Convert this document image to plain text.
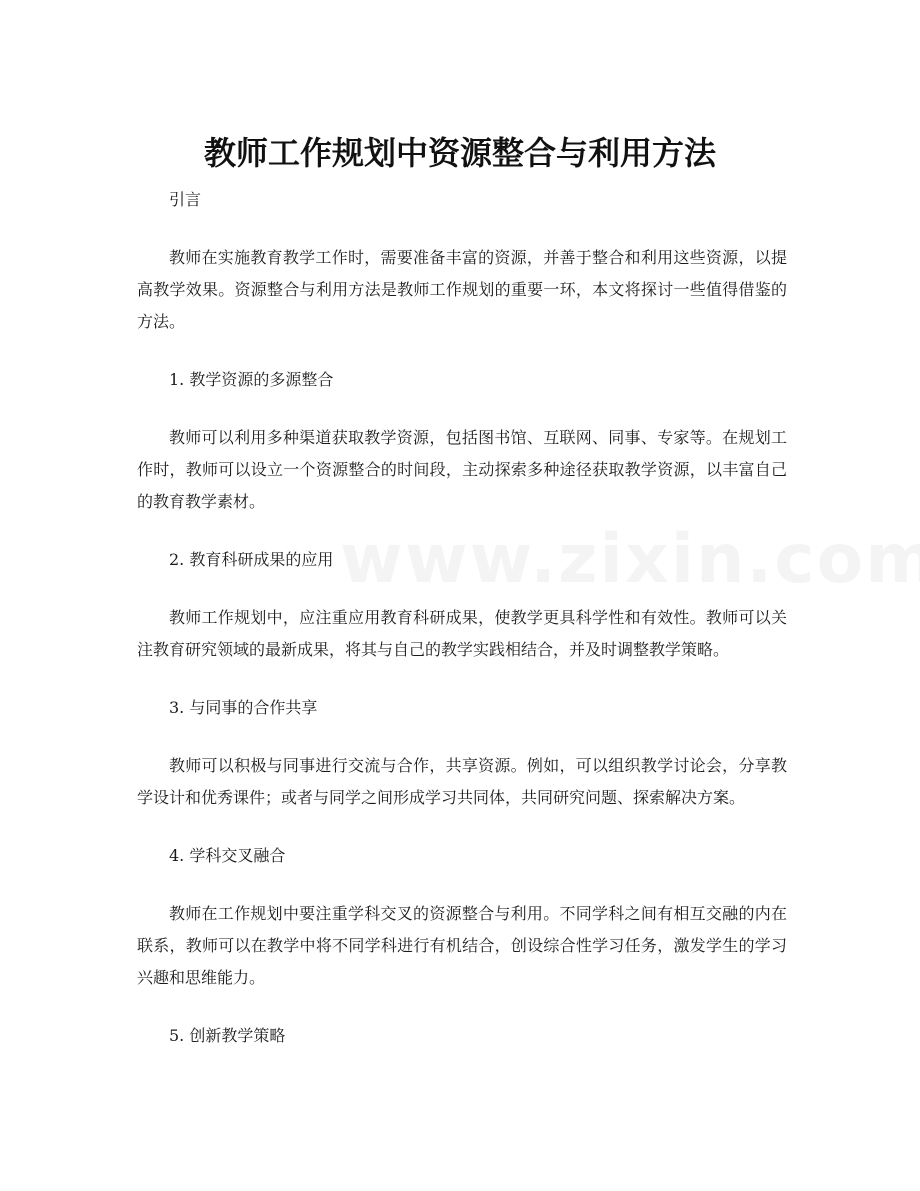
教师工作规划中资源整合与利用方法

引言

教师在实施教育教学工作时，需要准备丰富的资源，并善于整合和利用这些资源，以提高教学效果。资源整合与利用方法是教师工作规划的重要一环，本文将探讨一些值得借鉴的方法。

1. 教学资源的多源整合

教师可以利用多种渠道获取教学资源，包括图书馆、互联网、同事、专家等。在规划工作时，教师可以设立一个资源整合的时间段，主动探索多种途径获取教学资源，以丰富自己的教育教学素材。

2. 教育科研成果的应用

教师工作规划中，应注重应用教育科研成果，使教学更具科学性和有效性。教师可以关注教育研究领域的最新成果，将其与自己的教学实践相结合，并及时调整教学策略。

3. 与同事的合作共享

教师可以积极与同事进行交流与合作，共享资源。例如，可以组织教学讨论会，分享教学设计和优秀课件；或者与同学之间形成学习共同体，共同研究问题、探索解决方案。

4. 学科交叉融合

教师在工作规划中要注重学科交叉的资源整合与利用。不同学科之间有相互交融的内在联系，教师可以在教学中将不同学科进行有机结合，创设综合性学习任务，激发学生的学习兴趣和思维能力。

5. 创新教学策略
